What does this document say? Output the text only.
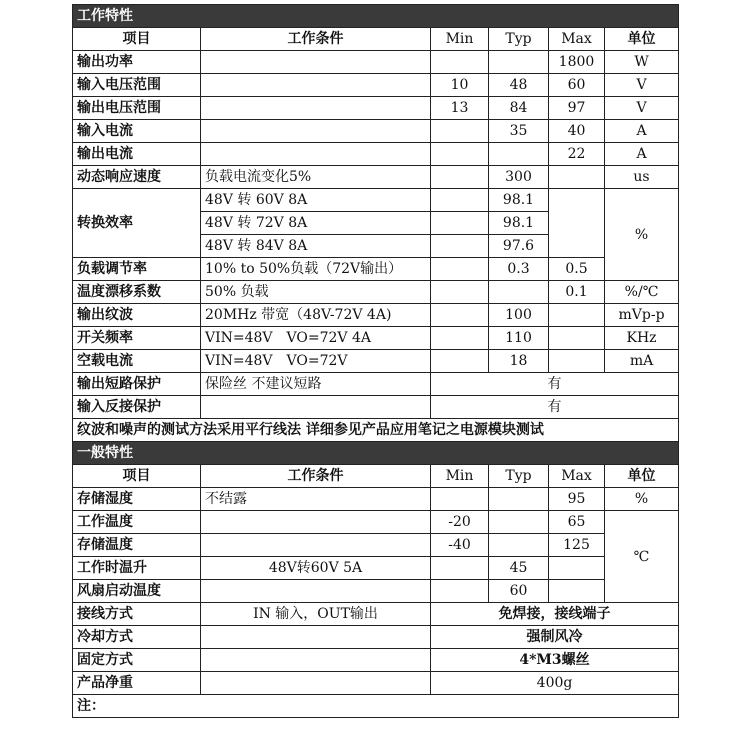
工作特性					
项目	工作条件	Min	Typ	Max	单位
输出功率				1800	W
输入电压范围		10	48	60	V
输出电压范围		13	84	97	V
输入电流			35	40	A
输出电流				22	A
动态响应速度	负载电流变化5%		300		us
转换效率	48V 转 60V 8A		98.1		%
	48V 转 72V 8A		98.1		
	48V 转 84V 8A		97.6		
负载调节率	10% to 50%负载（72V输出）		0.3	0.5	
温度漂移系数	50% 负载			0.1	%/℃
输出纹波	20MHz 带宽（48V-72V 4A)		100		mVp-p
开关频率	VIN=48V　VO=72V 4A		110		KHz
空载电流	VIN=48V　VO=72V		18		mA
输出短路保护	保险丝 不建议短路	有			
输入反接保护		有			
纹波和噪声的测试方法采用平行线法 详细参见产品应用笔记之电源模块测试					
一般特性					
项目	工作条件	Min	Typ	Max	单位
存储湿度	不结露			95	%
工作温度		-20		65	℃
存储温度		-40		125	
工作时温升	48V转60V 5A		45		
风扇启动温度			60		
接线方式	IN 输入，OUT输出	免焊接，接线端子			
冷却方式		强制风冷			
固定方式		4*M3螺丝			
产品净重		400g			
注：					
